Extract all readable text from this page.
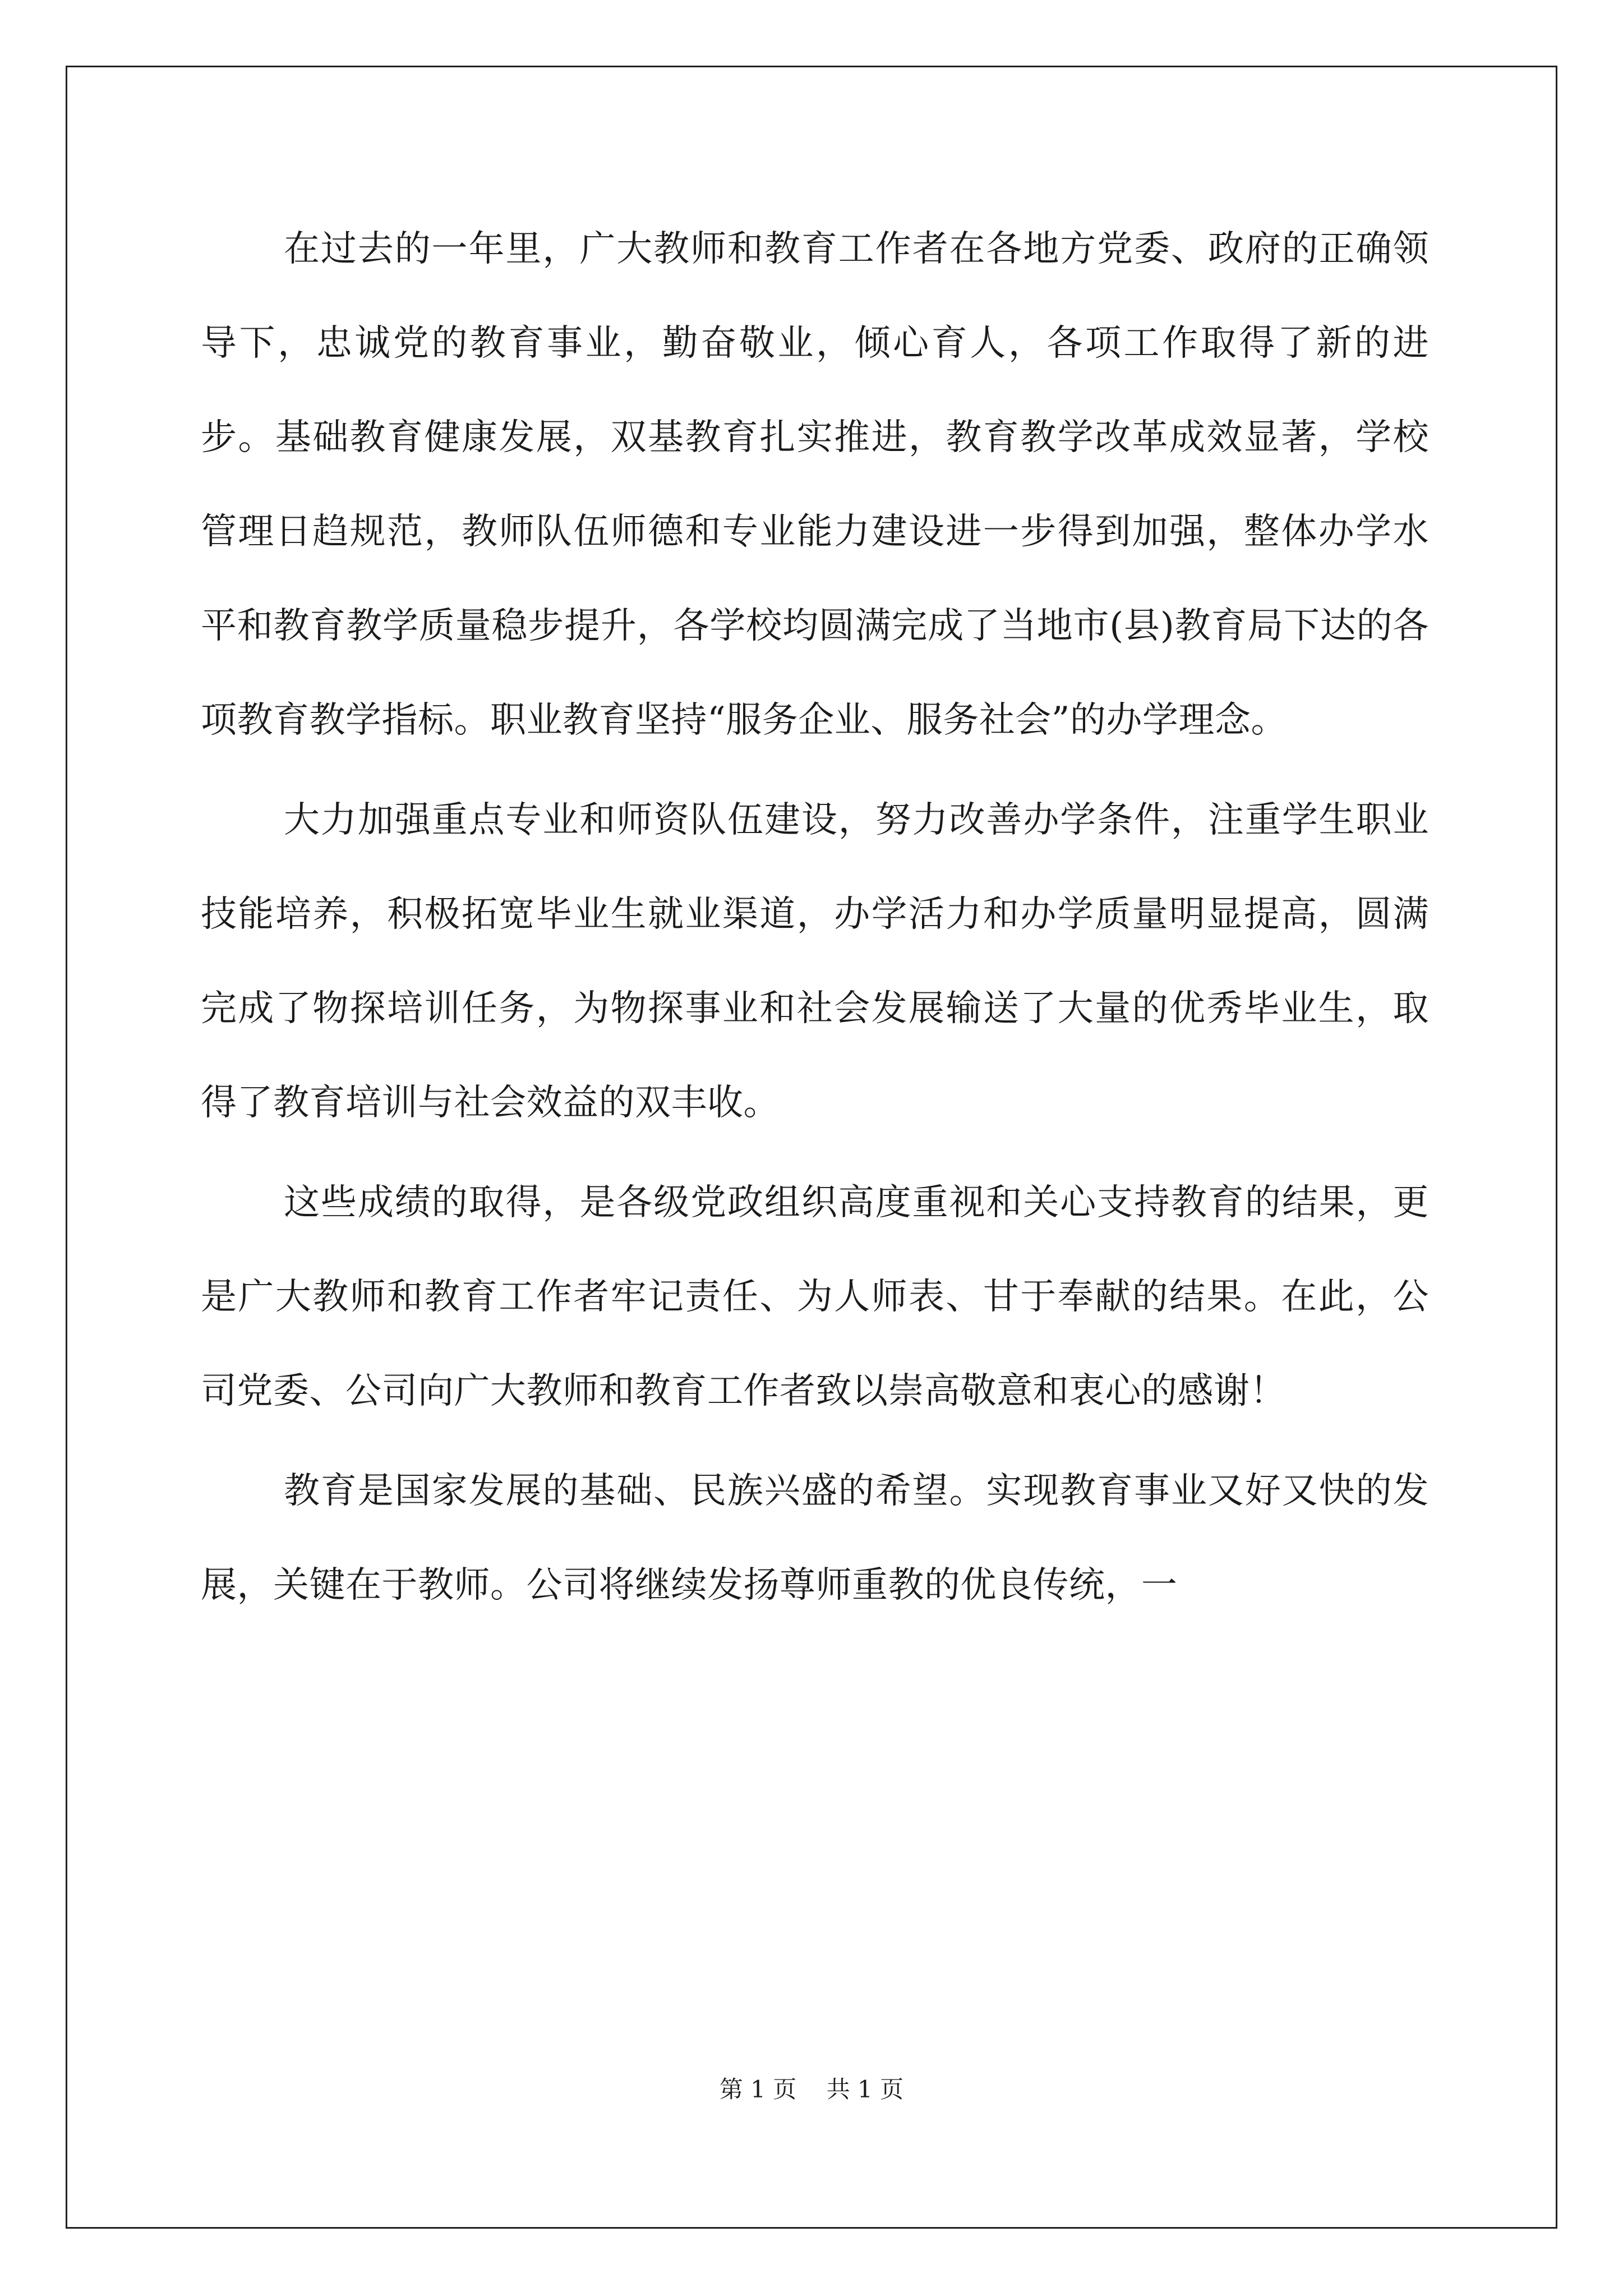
在过去的一年里，广大教师和教育工作者在各地方党委、政府的正确领导下，忠诚党的教育事业，勤奋敬业，倾心育人，各项工作取得了新的进步。基础教育健康发展，双基教育扎实推进，教育教学改革成效显著，学校管理日趋规范，教师队伍师德和专业能力建设进一步得到加强，整体办学水平和教育教学质量稳步提升，各学校均圆满完成了当地市(县)教育局下达的各项教育教学指标。职业教育坚持“服务企业、服务社会”的办学理念。

大力加强重点专业和师资队伍建设，努力改善办学条件，注重学生职业技能培养，积极拓宽毕业生就业渠道，办学活力和办学质量明显提高，圆满完成了物探培训任务，为物探事业和社会发展输送了大量的优秀毕业生，取得了教育培训与社会效益的双丰收。

这些成绩的取得，是各级党政组织高度重视和关心支持教育的结果，更是广大教师和教育工作者牢记责任、为人师表、甘于奉献的结果。在此，公司党委、公司向广大教师和教育工作者致以崇高敬意和衷心的感谢！

教育是国家发展的基础、民族兴盛的希望。实现教育事业又好又快的发展，关键在于教师。公司将继续发扬尊师重教的优良传统，一

第 1 页    共 1 页
